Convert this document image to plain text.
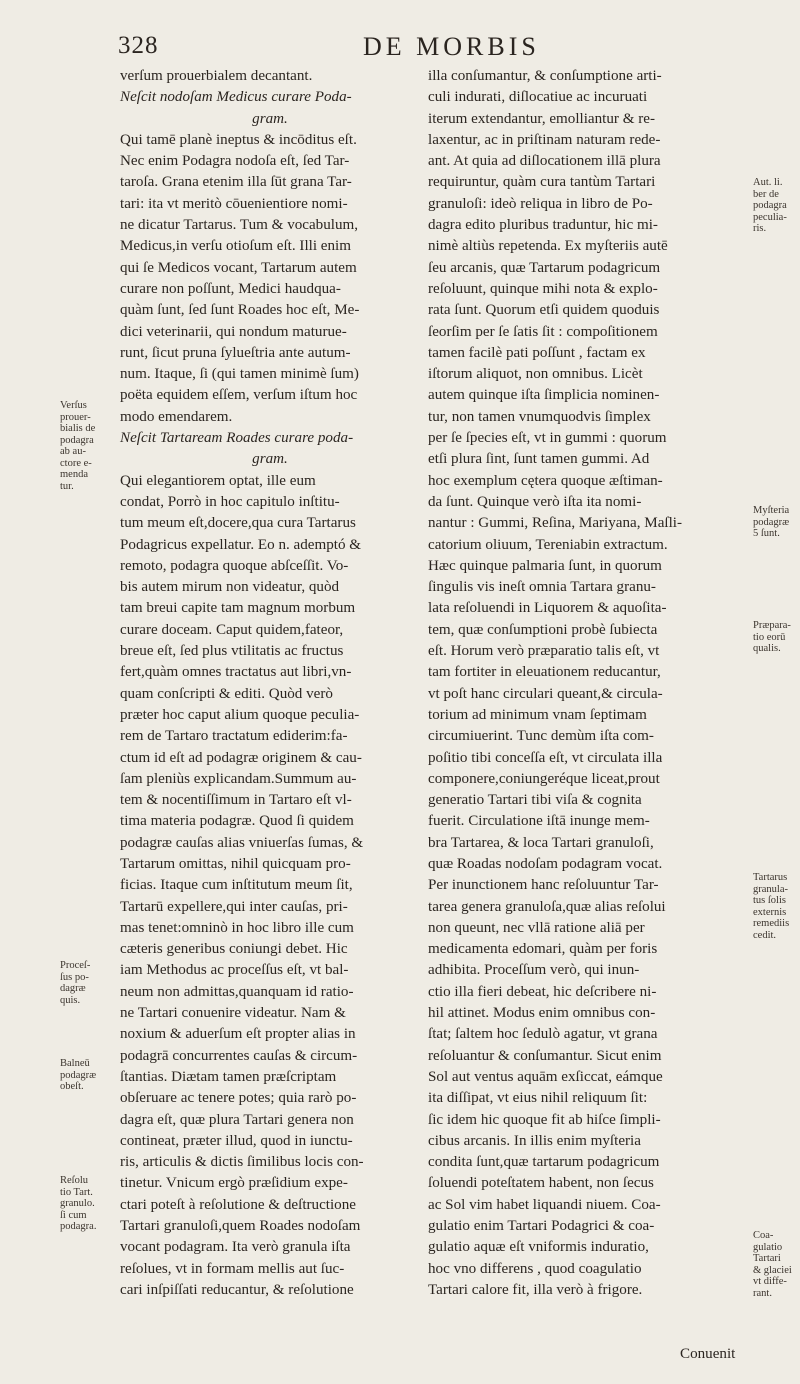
328	DE MORBIS
verſum prouerbialem decantant.
Neſcit nodoſam Medicus curare Poda-
gram.
Qui tamē planè ineptus & incōditus eſt.
Nec enim Podagra nodoſa eſt, ſed Tar-
taroſa. Grana etenim illa ſūt grana Tar-
tari: ita vt meritò cōuenientiore nomi-
ne dicatur Tartarus. Tum & vocabulum,
Medicus,in verſu otioſum eſt. Illi enim
qui ſe Medicos vocant, Tartarum autem
curare non poſſunt, Medici haudqua-
quàm ſunt, ſed ſunt Roades hoc eſt, Me-
dici veterinarii, qui nondum maturue-
runt, ſicut pruna ſylueſtria ante autum-
num. Itaque, ſi (qui tamen minimè ſum)
poëta equidem eſſem, verſum iſtum hoc
modo emendarem.
Neſcit Tartaream Roades curare poda-
gram.
Qui elegantiorem optat, ille eum
condat, Porrò in hoc capitulo inſtitu-
tum meum eſt,docere,qua cura Tartarus
Podagricus expellatur. Eo n. ademptó &
remoto, podagra quoque abſceſſit. Vo-
bis autem mirum non videatur, quòd
tam breui capite tam magnum morbum
curare doceam. Caput quidem,fateor,
breue eſt, ſed plus vtilitatis ac fructus
fert,quàm omnes tractatus aut libri,vn-
quam conſcripti & editi. Quòd verò
præter hoc caput alium quoque peculia-
rem de Tartaro tractatum ediderim:fa-
ctum id eſt ad podagræ originem & cau-
ſam pleniùs explicandam.Summum au-
tem & nocentiſſimum in Tartaro eſt vl-
tima materia podagræ. Quod ſi quidem
podagræ cauſas alias vniuerſas ſumas, &
Tartarum omittas, nihil quicquam pro-
ficias. Itaque cum inſtitutum meum ſit,
Tartarū expellere,qui inter cauſas, pri-
mas tenet:omninò in hoc libro ille cum
cæteris generibus coniungi debet. Hic
iam Methodus ac proceſſus eſt, vt bal-
neum non admittas,quanquam id ratio-
ne Tartari conuenire videatur. Nam &
noxium & aduerſum eſt propter alias in
podagrā concurrentes cauſas & circum-
ſtantias. Diætam tamen præſcriptam
obſeruare ac tenere potes; quia rarò po-
dagra eſt, quæ plura Tartari genera non
contineat, præter illud, quod in iunctu-
ris, articulis & dictis ſimilibus locis con-
tinetur. Vnicum ergò præſidium expe-
ctari poteſt à reſolutione & deſtructione
Tartari granuloſi,quem Roades nodoſam
vocant podagram. Ita verò granula iſta
reſolues, vt in formam mellis aut ſuc-
cari inſpiſſati reducantur, & reſolutione
illa conſumantur, & conſumptione arti-
culi indurati, diſlocatiue ac incuruati
iterum extendantur, emolliantur & re-
laxentur, ac in priſtinam naturam rede-
ant. At quia ad diſlocationem illā plura
requiruntur, quàm cura tantùm Tartari
granuloſi: ideò reliqua in libro de Po-
dagra edito pluribus traduntur, hic mi-
nimè altiùs repetenda. Ex myſteriis autē
ſeu arcanis, quæ Tartarum podagricum
reſoluunt, quinque mihi nota & explo-
rata ſunt. Quorum etſi quidem quoduis
ſeorſim per ſe ſatis ſit : compoſitionem
tamen facilè pati poſſunt , factam ex
iſtorum aliquot, non omnibus. Licèt
autem quinque iſta ſimplicia nominen-
tur, non tamen vnumquodvis ſimplex
per ſe ſpecies eſt, vt in gummi : quorum
etſi plura ſint, ſunt tamen gummi. Ad
hoc exemplum cętera quoque æſtiman-
da ſunt. Quinque verò iſta ita nomi-
nantur : Gummi, Reſina, Mariyana, Maſli-
catorium oliuum, Tereniabin extractum.
Hæc quinque palmaria ſunt, in quorum
ſingulis vis ineſt omnia Tartara granu-
lata reſoluendi in Liquorem & aquoſita-
tem, quæ conſumptioni probè ſubiecta
eſt. Horum verò præparatio talis eſt, vt
tam fortiter in eleuationem reducantur,
vt poſt hanc circulari queant,& circula-
torium ad minimum vnam ſeptimam
circumiuerint. Tunc demùm iſta com-
poſitio tibi conceſſa eſt, vt circulata illa
componere,coniungeréque liceat,prout
generatio Tartari tibi viſa & cognita
fuerit. Circulatione iſtā inunge mem-
bra Tartarea, & loca Tartari granuloſi,
quæ Roadas nodoſam podagram vocat.
Per inunctionem hanc reſoluuntur Tar-
tarea genera granuloſa,quæ alias reſolui
non queunt, nec vllā ratione aliā per
medicamenta edomari, quàm per foris
adhibita. Proceſſum verò, qui inun-
ctio illa fieri debeat, hic deſcribere ni-
hil attinet. Modus enim omnibus con-
ſtat; ſaltem hoc ſedulò agatur, vt grana
reſoluantur & conſumantur. Sicut enim
Sol aut ventus aquām exſiccat, eámque
ita diſſipat, vt eius nihil reliquum ſit:
ſic idem hic quoque fit ab hiſce ſimpli-
cibus arcanis. In illis enim myſteria
condita ſunt,quæ tartarum podagricum
ſoluendi poteſtatem habent, non ſecus
ac Sol vim habet liquandi niuem. Coa-
gulatio enim Tartari Podagrici & coa-
gulatio aquæ eſt vniformis induratio,
hoc vno differens , quod coagulatio
Tartari calore fit, illa verò à frigore.
Verſus
prouer-
bialis de
podagra
ab au-
ctore e-
menda
tur.
Proceſ-
ſus po-
dagræ
quis.
Balneū
podagræ
obeſt.
Reſolu
tio Tart.
granulo.
ſi cum
podagra.
Aut. li.
ber de
podagra
peculia-
ris.
Myſteria
podagræ
5 ſunt.
Præpara-
tio eorū
qualis.
Tartarus
granula-
tus ſolis
externis
remediis
cedit.
Coa-
gulatio
Tartari
& glaciei
vt diffe-
rant.
Conuenit
